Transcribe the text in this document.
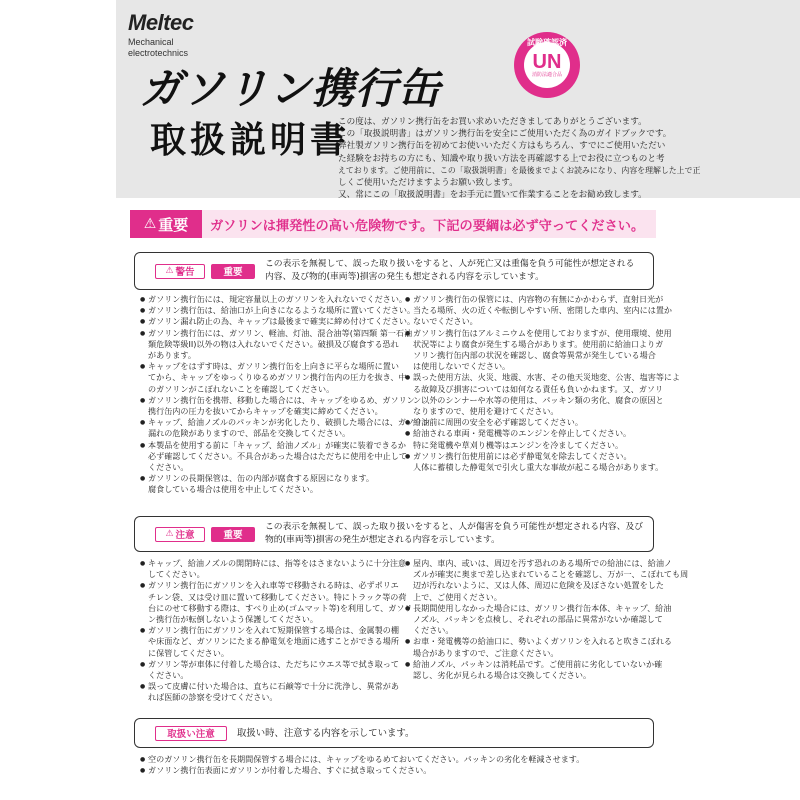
Meltec
Mechanical
electrotechnics
ガソリン携行缶
取扱説明書
試験確認済
UN
消防法適合品

この度は、ガソリン携行缶をお買い求めいただきましてありがとうございます。

この「取扱説明書」はガソリン携行缶を安全にご使用いただく為のガイドブックです。

弊社製ガソリン携行缶を初めてお使いいただく方はもちろん、すでにご使用いただい

た経験をお持ちの方にも、知識や取り扱い方法を再確認する上でお役に立つものと考

えております。ご使用前に、この「取扱説明書」を最後までよくお読みになり、内容を理解した上で正

しくご使用いただけますようお願い致します。

又、常にこの「取扱説明書」をお手元に置いて作業することをお勧め致します。

⚠ 重要 ガソリンは揮発性の高い危険物です。下記の要綱は必ず守ってください。
⚠ 警告	重要
この表示を無視して、誤った取り扱いをすると、人が死亡又は重傷を負う可能性が想定される
内容、及び物的(車両等)損害の発生も想定される内容を示しています。
● ガソリン携行缶には、規定容量以上のガソリンを入れないでください。
● ガソリン携行缶は、給油口が上向きになるような場所に置いてください。
● ガソリン漏れ防止の為、キャップは最後まで確実に締め付けてください。
● ガソリン携行缶には、ガソリン、軽油、灯油、混合油等(第四類 第一石油
類危険等級II)以外の物は入れないでください。破損及び腐食する恐れ
があります。
● キャップをはずす時は、ガソリン携行缶を上向きに平らな場所に置い
てから、キャップをゆっくりゆるめガソリン携行缶内の圧力を抜き、中
のガソリンがこぼれないことを確認してください。
● ガソリン携行缶を携帯、移動した場合には、キャップをゆるめ、ガソリン
携行缶内の圧力を抜いてからキャップを確実に締めてください。
● キャップ、給油ノズルのパッキンが劣化したり、破損した場合には、ガソリン
漏れの危険がありますので、部品を交換してください。
● 本製品を使用する前に「キャップ、給油ノズル」が確実に装着できるか
必ず確認してください。不具合があった場合はただちに使用を中止して
ください。
● ガソリンの長期保管は、缶の内部が腐食する原因になります。
腐食している場合は使用を中止してください。
● ガソリン携行缶の保管には、内容物の有無にかかわらず、直射日光が
当たる場所、火の近くや転倒しやすい所、密閉した車内、室内には置か
ないでください。
● ガソリン携行缶はアルミニウムを使用しておりますが、使用環境、使用
状況等により腐食が発生する場合があります。使用前に給油口よりガ
ソリン携行缶内部の状況を確認し、腐食等異常が発生している場合
は使用しないでください。
● 誤った使用方法、火災、地震、水害、その他天災地変、公害、塩害等によ
る故障及び損害については如何なる責任も負いかねます。又、ガソリ
ン以外のシンナーや水等の使用は、パッキン類の劣化、腐食の原因と
なりますので、使用を避けてください。
● 給油前に周囲の安全を必ず確認してください。
● 給油される車両・発電機等のエンジンを停止してください。
特に発電機や草刈り機等はエンジンを冷ましてください。
● ガソリン携行缶使用前には必ず静電気を除去してください。
人体に蓄積した静電気で引火し重大な事故が起こる場合があります。
⚠ 注意	重要
この表示を無視して、誤った取り扱いをすると、人が傷害を負う可能性が想定される内容、及び
物的(車両等)損害の発生が想定される内容を示しています。
● キャップ、給油ノズルの開閉時には、指等をはさまないように十分注意
してください。
● ガソリン携行缶にガソリンを入れ車等で移動される時は、必ずポリエ
チレン袋、又は受け皿に置いて移動してください。特にトラック等の荷
台にのせて移動する際は、すべり止め(ゴムマット等)を利用して、ガソリ
ン携行缶が転倒しないよう保護してください。
● ガソリン携行缶にガソリンを入れて短期保管する場合は、金属製の棚
や床面など、ガソリンにたまる静電気を地面に逃すことができる場所
に保管してください。
● ガソリン等が車体に付着した場合は、ただちにウエス等で拭き取って
ください。
● 誤って皮膚に付いた場合は、直ちに石鹸等で十分に洗浄し、異常があ
れば医師の診察を受けてください。
● 屋内、車内、或いは、周辺を汚す恐れのある場所での給油には、給油ノ
ズルが確実に奥まで差し込まれていることを確認し、万が一、こぼれても周
辺が汚れないように、又は人体、周辺に危険を及ぼさない処置をした
上で、ご使用ください。
● 長期間使用しなかった場合には、ガソリン携行缶本体、キャップ、給油
ノズル、パッキンを点検し、それぞれの部品に異常がないか確認して
ください。
● お車・発電機等の給油口に、勢いよくガソリンを入れると吹きこぼれる
場合がありますので、ご注意ください。
● 給油ノズル、パッキンは消耗品です。ご使用前に劣化していないか確
認し、劣化が見られる場合は交換してください。
取扱い注意	取扱い時、注意する内容を示しています。
● 空のガソリン携行缶を長期間保管する場合には、キャップをゆるめておいてください。パッキンの劣化を軽減させます。
● ガソリン携行缶表面にガソリンが付着した場合、すぐに拭き取ってください。
